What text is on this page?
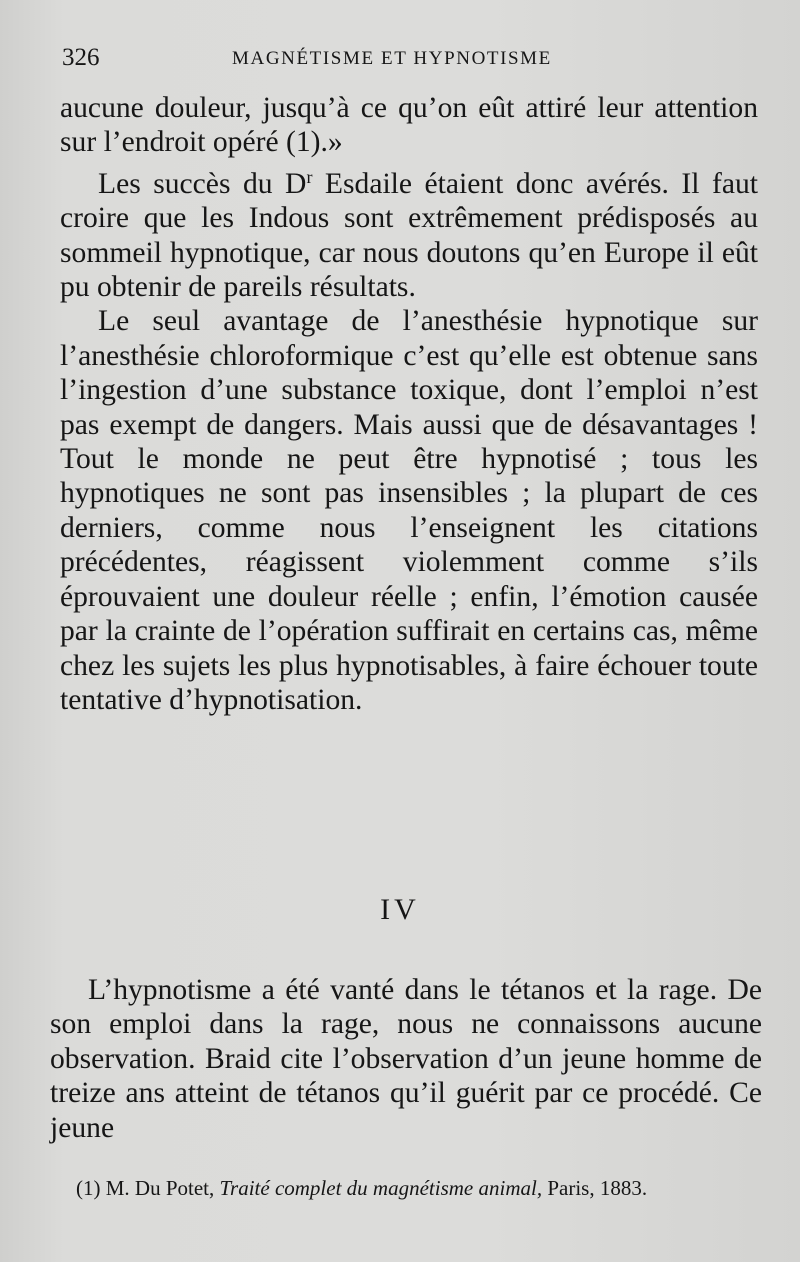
326	MAGNÉTISME ET HYPNOTISME

aucune douleur, jusqu’à ce qu’on eût attiré leur attention sur l’endroit opéré (1).»

Les succès du $D^r$ Esdaile étaient donc avérés. Il faut croire que les Indous sont extrêmement prédisposés au sommeil hypnotique, car nous doutons qu’en Europe il eût pu obtenir de pareils résultats.

Le seul avantage de l’anesthésie hypnotique sur l’anesthésie chloroformique c’est qu’elle est obtenue sans l’ingestion d’une substance toxique, dont l’emploi n’est pas exempt de dangers. Mais aussi que de désavantages ! Tout le monde ne peut être hypnotisé ; tous les hypnotiques ne sont pas insensibles ; la plupart de ces derniers, comme nous l’enseignent les citations précédentes, réagissent violemment comme s’ils éprouvaient une douleur réelle ; enfin, l’émotion causée par la crainte de l’opération suffirait en certains cas, même chez les sujets les plus hypnotisables, à faire échouer toute tentative d’hypnotisation.

IV

L’hypnotisme a été vanté dans le tétanos et la rage. De son emploi dans la rage, nous ne connaissons aucune observation. Braid cite l’observation d’un jeune homme de treize ans atteint de tétanos qu’il guérit par ce procédé. Ce jeune

(1) M. Du Potet, Traité complet du magnétisme animal, Paris, 1883.
